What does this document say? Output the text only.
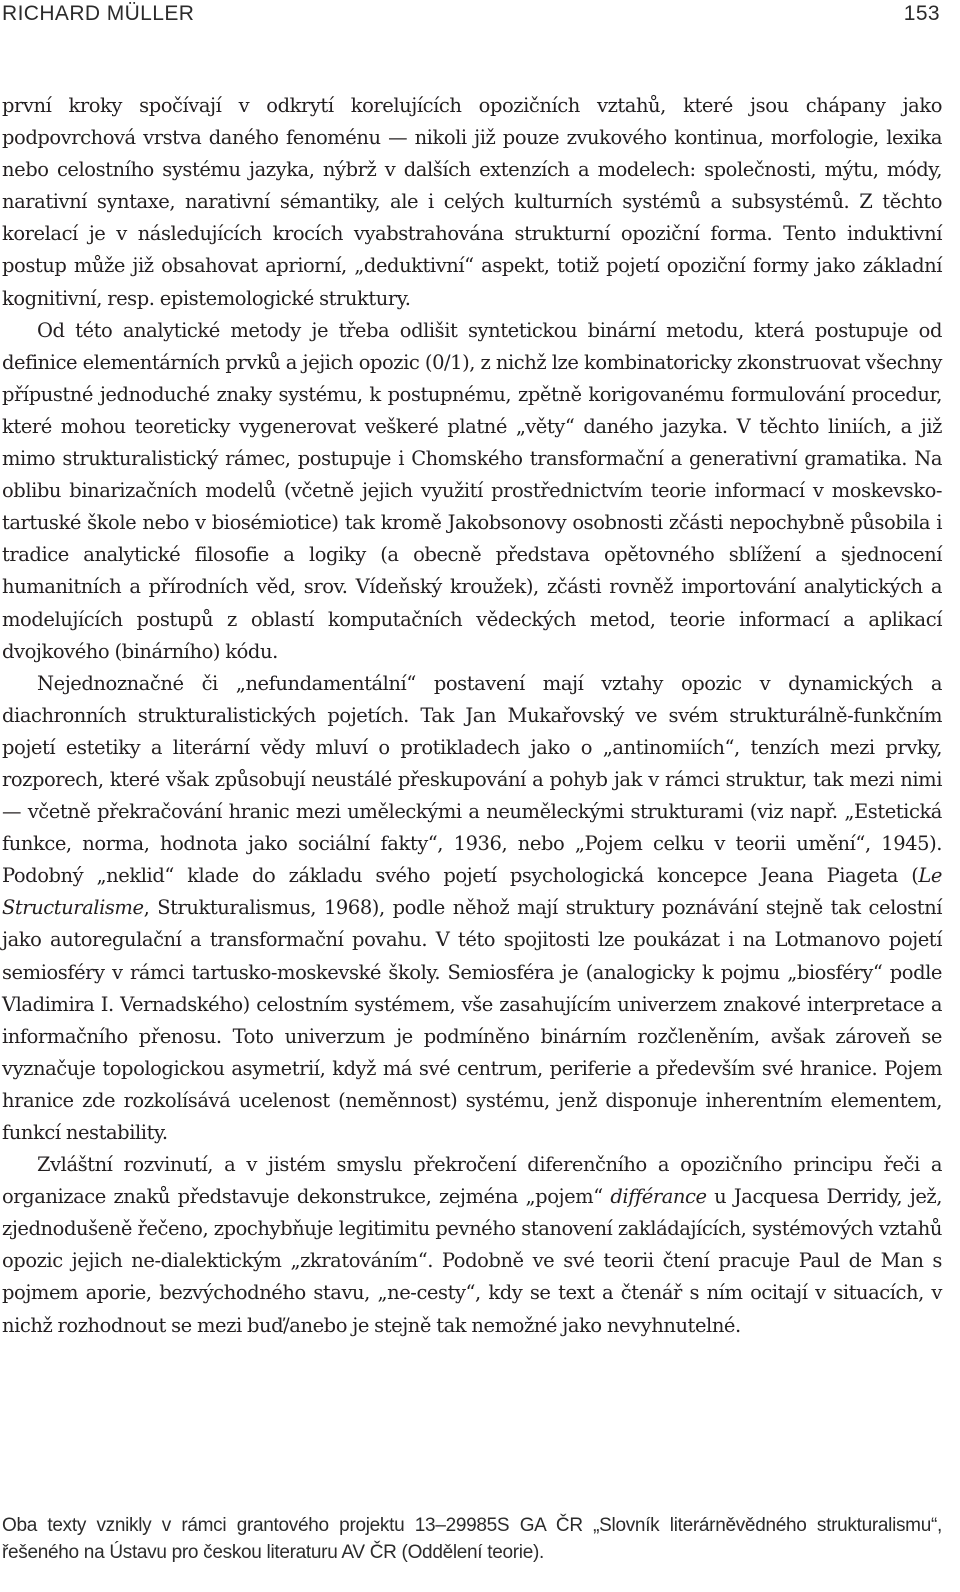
RICHARD MÜLLER	153

první kroky spočívají v odkrytí korelujících opozičních vztahů, které jsou chápany jako podpovrchová vrstva daného fenoménu — nikoli již pouze zvukového kontinua, morfologie, lexika nebo celostního systému jazyka, nýbrž v dalších extenzích a modelech: společnosti, mýtu, módy, narativní syntaxe, narativní sémantiky, ale i celých kulturních systémů a subsystémů. Z těchto korelací je v následujících krocích vyabstrahována strukturní opoziční forma. Tento induktivní postup může již obsahovat apriorní, „deduktivní“ aspekt, totiž pojetí opoziční formy jako základní kognitivní, resp. epistemologické struktury.

Od této analytické metody je třeba odlišit syntetickou binární metodu, která postupuje od definice elementárních prvků a jejich opozic (0/1), z nichž lze kombinatoricky zkonstruovat všechny přípustné jednoduché znaky systému, k postupnému, zpětně korigovanému formulování procedur, které mohou teoreticky vygenerovat veškeré platné „věty“ daného jazyka. V těchto liniích, a již mimo strukturalistický rámec, postupuje i Chomského transformační a generativní gramatika. Na oblibu binarizačních modelů (včetně jejich využití prostřednictvím teorie informací v moskevsko-tartuské škole nebo v biosémiotice) tak kromě Jakobsonovy osobnosti zčásti nepochybně působila i tradice analytické filosofie a logiky (a obecně představa opětovného sblížení a sjednocení humanitních a přírodních věd, srov. Vídeňský kroužek), zčásti rovněž importování analytických a modelujících postupů z oblastí komputačních vědeckých metod, teorie informací a aplikací dvojkového (binárního) kódu.

Nejednoznačné či „nefundamentální“ postavení mají vztahy opozic v dynamických a diachronních strukturalistických pojetích. Tak Jan Mukařovský ve svém strukturálně-funkčním pojetí estetiky a literární vědy mluví o protikladech jako o „antinomiích“, tenzích mezi prvky, rozporech, které však způsobují neustálé přeskupování a pohyb jak v rámci struktur, tak mezi nimi — včetně překračování hranic mezi uměleckými a neuměleckými strukturami (viz např. „Estetická funkce, norma, hodnota jako sociální fakty“, 1936, nebo „Pojem celku v teorii umění“, 1945). Podobný „neklid“ klade do základu svého pojetí psychologická koncepce Jeana Piageta (Le Structuralisme, Strukturalismus, 1968), podle něhož mají struktury poznávání stejně tak celostní jako autoregulační a transformační povahu. V této spojitosti lze poukázat i na Lotmanovo pojetí semiosféry v rámci tartusko-moskevské školy. Semiosféra je (analogicky k pojmu „biosféry“ podle Vladimira I. Vernadského) celostním systémem, vše zasahujícím univerzem znakové interpretace a informačního přenosu. Toto univerzum je podmíněno binárním rozčleněním, avšak zároveň se vyznačuje topologickou asymetrií, když má své centrum, periferie a především své hranice. Pojem hranice zde rozkolísává ucelenost (neměnnost) systému, jenž disponuje inherentním elementem, funkcí nestability.

Zvláštní rozvinutí, a v jistém smyslu překročení diferenčního a opozičního principu řeči a organizace znaků představuje dekonstrukce, zejména „pojem“ différance u Jacquesa Derridy, jež, zjednodušeně řečeno, zpochybňuje legitimitu pevného stanovení zakládajících, systémových vztahů opozic jejich ne-dialektickým „zkratováním“. Podobně ve své teorii čtení pracuje Paul de Man s pojmem aporie, bezvýchodného stavu, „ne-cesty“, kdy se text a čtenář s ním ocitají v situacích, v nichž rozhodnout se mezi buď/anebo je stejně tak nemožné jako nevyhnutelné.

Oba texty vznikly v rámci grantového projektu 13–29985S GA ČR „Slovník literárněvědného strukturalismu“, řešeného na Ústavu pro českou literaturu AV ČR (Oddělení teorie).
